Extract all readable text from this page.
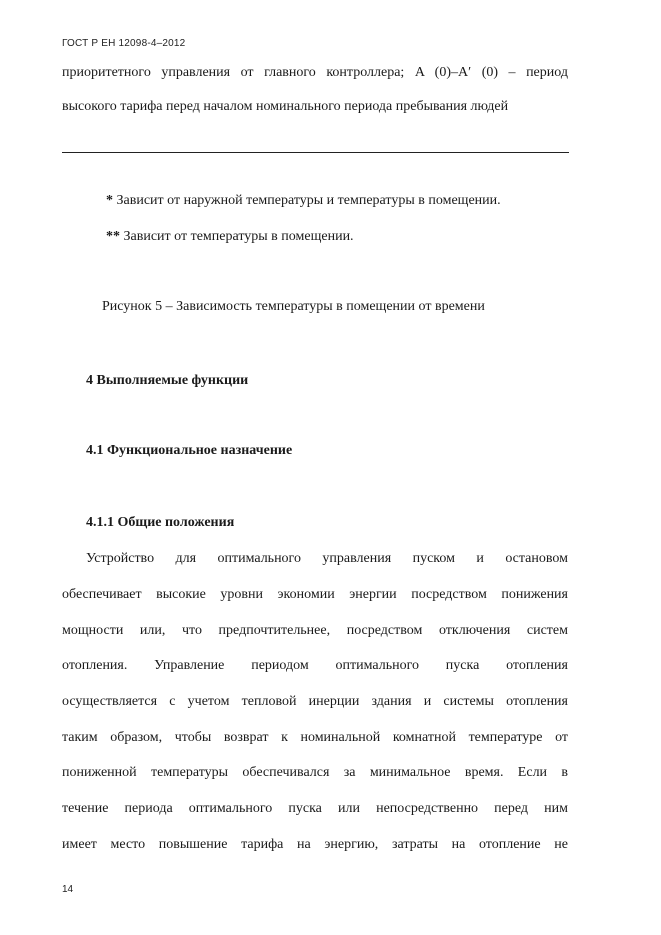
ГОСТ Р ЕН 12098-4–2012
приоритетного управления от главного контроллера; A (0)–A′ (0) – период
высокого тарифа перед началом номинального периода пребывания людей
* Зависит от наружной температуры и температуры в помещении.
** Зависит от температуры в помещении.
Рисунок 5 – Зависимость температуры в помещении от времени
4 Выполняемые функции
4.1 Функциональное назначение
4.1.1 Общие положения
Устройство для оптимального управления пуском и остановом
обеспечивает высокие уровни экономии энергии посредством понижения
мощности или, что предпочтительнее, посредством отключения систем
отопления. Управление периодом оптимального пуска отопления
осуществляется с учетом тепловой инерции здания и системы отопления
таким образом, чтобы возврат к номинальной комнатной температуре от
пониженной температуры обеспечивался за минимальное время. Если в
течение периода оптимального пуска или непосредственно перед ним
имеет место повышение тарифа на энергию, затраты на отопление не
14
